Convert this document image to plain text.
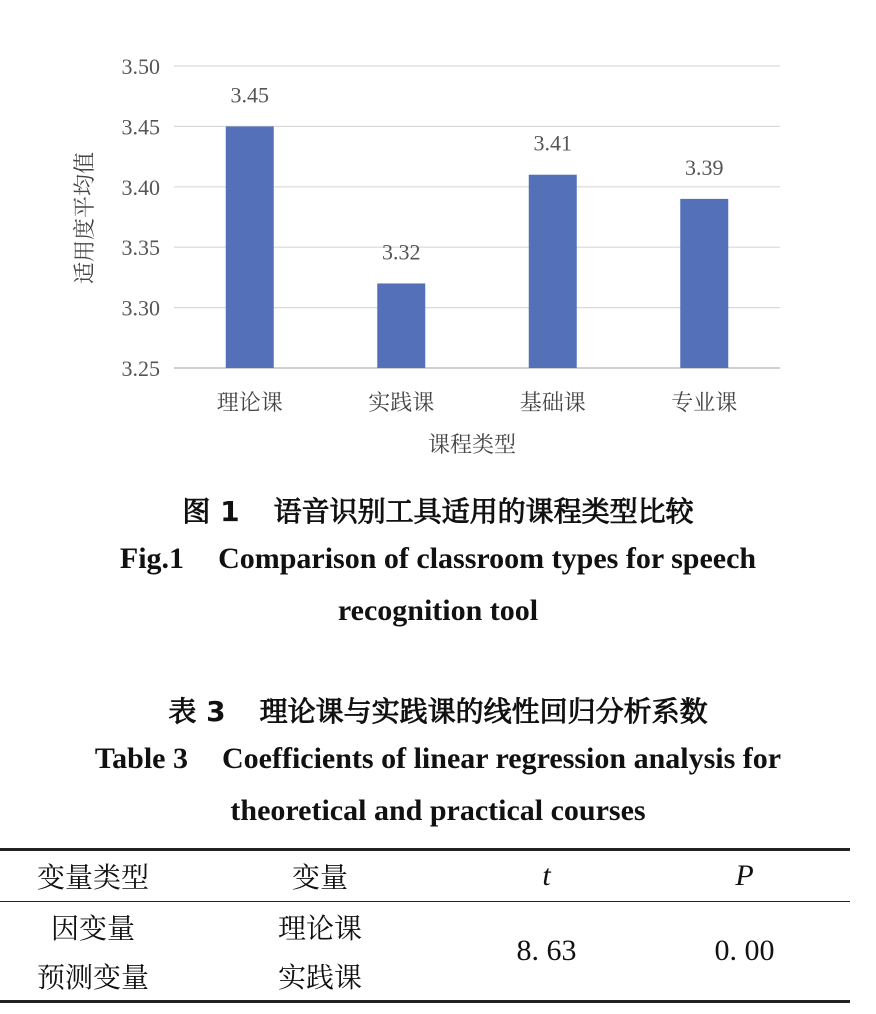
3.25
3.30
3.35
3.40
3.45
3.50
3.45
3.32
3.41
3.39
理论课	实践课	基础课	专业课
适用度平均值
课程类型
图 1 语音识别工具适用的课程类型比较
Fig.1 Comparison of classroom types for speech
recognition tool
表 3 理论课与实践课的线性回归分析系数
Table 3 Coefficients of linear regression analysis for
theoretical and practical courses
变量类型	变量	t	P
因变量	理论课	8. 63	0. 00
预测变量	实践课		
